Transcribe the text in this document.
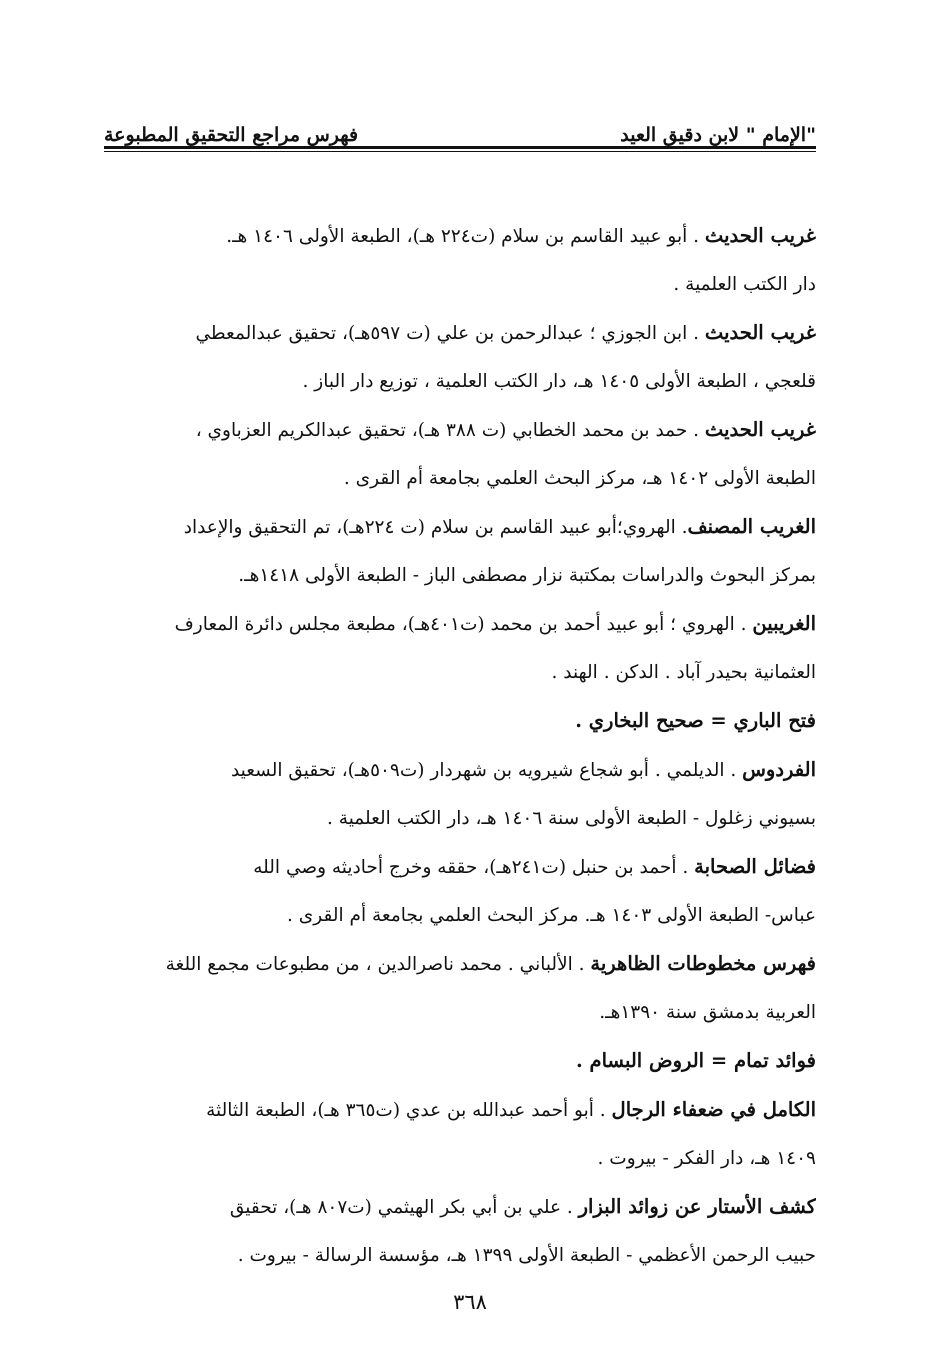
"الإمام " لابن دقيق العيد
فهرس مراجع التحقيق المطبوعة
غريب الحديث . أبو عبيد القاسم بن سلام (ت٢٢٤ هـ)، الطبعة الأولى ١٤٠٦ هـ.
دار الكتب العلمية .
غريب الحديث . ابن الجوزي ؛ عبدالرحمن بن علي (ت ٥٩٧هـ)، تحقيق عبدالمعطي
قلعجي ، الطبعة الأولى ١٤٠٥ هـ، دار الكتب العلمية ، توزيع دار الباز .
غريب الحديث . حمد بن محمد الخطابي (ت ٣٨٨ هـ)، تحقيق عبدالكريم العزباوي ،
الطبعة الأولى ١٤٠٢ هـ، مركز البحث العلمي بجامعة أم القرى .
الغريب المصنف. الهروي؛أبو عبيد القاسم بن سلام (ت ٢٢٤هـ)، تم التحقيق والإعداد
بمركز البحوث والدراسات بمكتبة نزار مصطفى الباز - الطبعة الأولى ١٤١٨هـ.
الغريبين . الهروي ؛ أبو عبيد أحمد بن محمد (ت٤٠١هـ)، مطبعة مجلس دائرة المعارف
العثمانية بحيدر آباد . الدكن . الهند .
فتح الباري = صحيح البخاري .
الفردوس . الديلمي . أبو شجاع شيرويه بن شهردار (ت٥٠٩هـ)، تحقيق السعيد
بسيوني زغلول - الطبعة الأولى سنة ١٤٠٦ هـ، دار الكتب العلمية .
فضائل الصحابة . أحمد بن حنبل (ت٢٤١هـ)، حققه وخرج أحاديثه وصي الله
عباس- الطبعة الأولى ١٤٠٣ هـ. مركز البحث العلمي بجامعة أم القرى .
فهرس مخطوطات الظاهرية . الألباني . محمد ناصرالدين ، من مطبوعات مجمع اللغة
العربية بدمشق سنة ١٣٩٠هـ.
فوائد تمام = الروض البسام .
الكامل في ضعفاء الرجال . أبو أحمد عبدالله بن عدي (ت٣٦٥ هـ)، الطبعة الثالثة
١٤٠٩ هـ، دار الفكر - بيروت .
كشف الأستار عن زوائد البزار . علي بن أبي بكر الهيثمي (ت٨٠٧ هـ)، تحقيق
حبيب الرحمن الأعظمي - الطبعة الأولى ١٣٩٩ هـ، مؤسسة الرسالة - بيروت .
٣٦٨
